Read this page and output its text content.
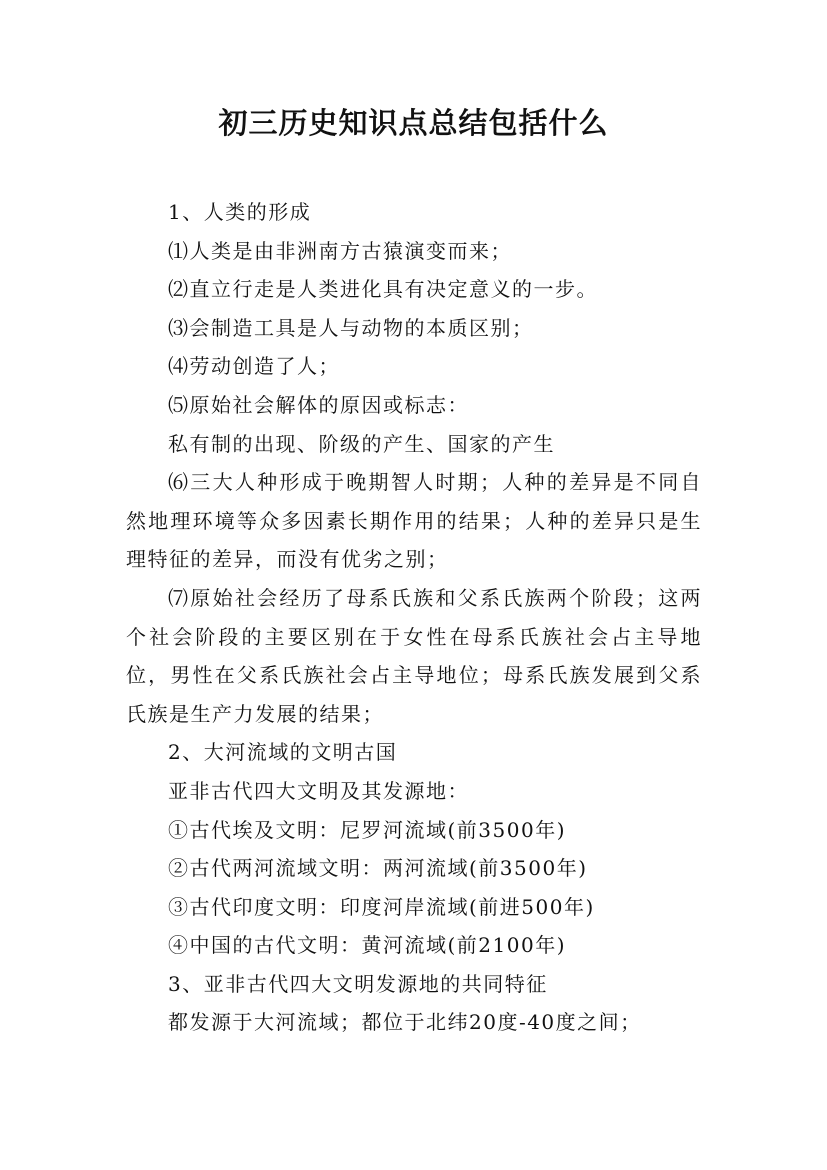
初三历史知识点总结包括什么

1、人类的形成

⑴人类是由非洲南方古猿演变而来；

⑵直立行走是人类进化具有决定意义的一步。

⑶会制造工具是人与动物的本质区别；

⑷劳动创造了人；

⑸原始社会解体的原因或标志：

私有制的出现、阶级的产生、国家的产生

⑹三大人种形成于晚期智人时期；人种的差异是不同自然地理环境等众多因素长期作用的结果；人种的差异只是生理特征的差异，而没有优劣之别；

⑺原始社会经历了母系氏族和父系氏族两个阶段；这两个社会阶段的主要区别在于女性在母系氏族社会占主导地位，男性在父系氏族社会占主导地位；母系氏族发展到父系氏族是生产力发展的结果；

2、大河流域的文明古国

亚非古代四大文明及其发源地：

①古代埃及文明：尼罗河流域(前3500年)

②古代两河流域文明：两河流域(前3500年)

③古代印度文明：印度河岸流域(前进500年)

④中国的古代文明：黄河流域(前2100年)

3、亚非古代四大文明发源地的共同特征

都发源于大河流域；都位于北纬20度-40度之间；
